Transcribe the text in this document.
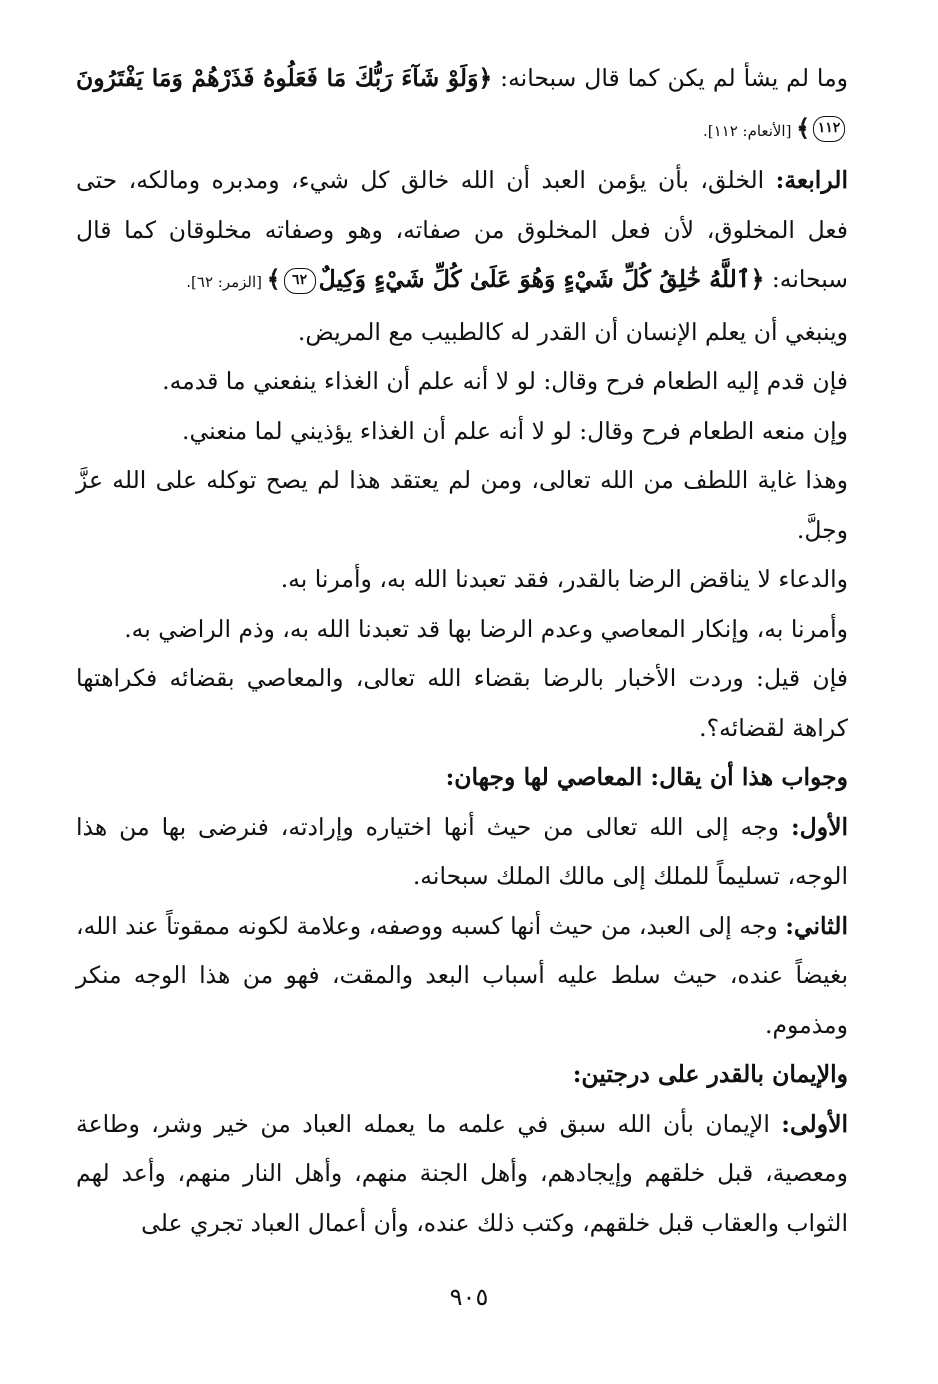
وما لم يشأ لم يكن كما قال سبحانه: ﴿وَلَوْ شَآءَ رَبُّكَ مَا فَعَلُوهُ فَذَرْهُمْ وَمَا يَفْتَرُونَ١١٢﴾ [الأنعام: ١١٢].

الرابعة: الخلق، بأن يؤمن العبد أن الله خالق كل شيء، ومدبره ومالكه، حتى فعل المخلوق، لأن فعل المخلوق من صفاته، وهو وصفاته مخلوقان كما قال سبحانه: ﴿ٱللَّهُ خَٰلِقُ كُلِّ شَيْءٍ وَهُوَ عَلَىٰ كُلِّ شَيْءٍ وَكِيلٌ٦٢﴾ [الزمر: ٦٢].

وينبغي أن يعلم الإنسان أن القدر له كالطبيب مع المريض.

فإن قدم إليه الطعام فرح وقال: لو لا أنه علم أن الغذاء ينفعني ما قدمه.

وإن منعه الطعام فرح وقال: لو لا أنه علم أن الغذاء يؤذيني لما منعني.

وهذا غاية اللطف من الله تعالى، ومن لم يعتقد هذا لم يصح توكله على الله عزَّ وجلَّ.

والدعاء لا يناقض الرضا بالقدر، فقد تعبدنا الله به، وأمرنا به.

وأمرنا به، وإنكار المعاصي وعدم الرضا بها قد تعبدنا الله به، وذم الراضي به.

فإن قيل: وردت الأخبار بالرضا بقضاء الله تعالى، والمعاصي بقضائه فكراهتها كراهة لقضائه؟.

وجواب هذا أن يقال: المعاصي لها وجهان:

الأول: وجه إلى الله تعالى من حيث أنها اختياره وإرادته، فنرضى بها من هذا الوجه، تسليماً للملك إلى مالك الملك سبحانه.

الثاني: وجه إلى العبد، من حيث أنها كسبه ووصفه، وعلامة لكونه ممقوتاً عند الله، بغيضاً عنده، حيث سلط عليه أسباب البعد والمقت، فهو من هذا الوجه منكر ومذموم.

والإيمان بالقدر على درجتين:

الأولى: الإيمان بأن الله سبق في علمه ما يعمله العباد من خير وشر، وطاعة ومعصية، قبل خلقهم وإيجادهم، وأهل الجنة منهم، وأهل النار منهم، وأعد لهم الثواب والعقاب قبل خلقهم، وكتب ذلك عنده، وأن أعمال العباد تجري على

٩٠٥
